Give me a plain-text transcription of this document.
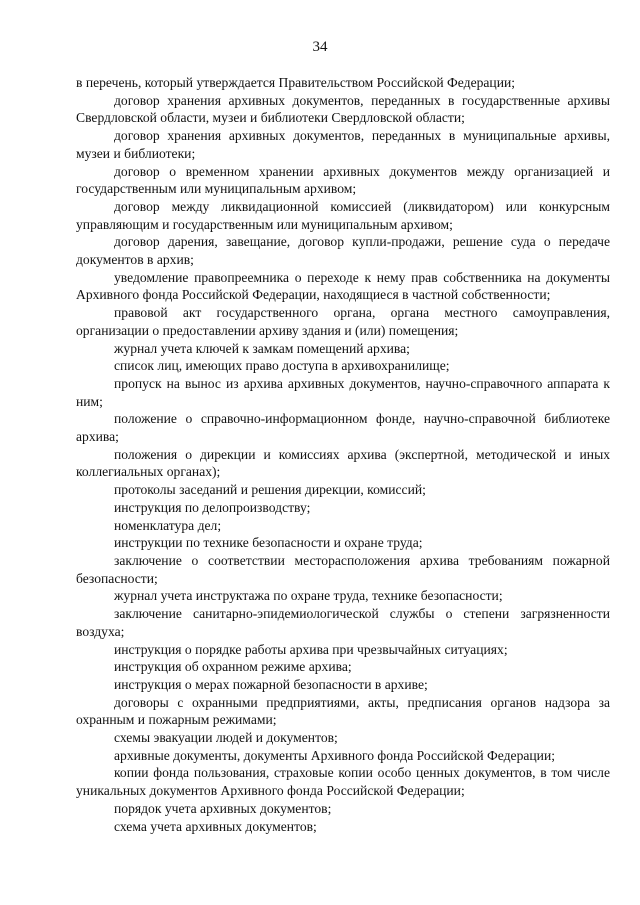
34

в перечень, который утверждается Правительством Российской Федерации;

договор хранения архивных документов, переданных в государственные архивы Свердловской области, музеи и библиотеки Свердловской области;

договор хранения архивных документов, переданных в муниципальные архивы, музеи и библиотеки;

договор о временном хранении архивных документов между организацией и государственным или муниципальным архивом;

договор между ликвидационной комиссией (ликвидатором) или конкурсным управляющим и государственным или муниципальным архивом;

договор дарения, завещание, договор купли-продажи, решение суда о передаче документов в архив;

уведомление правопреемника о переходе к нему прав собственника на документы Архивного фонда Российской Федерации, находящиеся в частной собственности;

правовой акт государственного органа, органа местного самоуправления, организации о предоставлении архиву здания и (или) помещения;

журнал учета ключей к замкам помещений архива;

список лиц, имеющих право доступа в архивохранилище;

пропуск на вынос из архива архивных документов, научно-справочного аппарата к ним;

положение о справочно-информационном фонде, научно-справочной библиотеке архива;

положения о дирекции и комиссиях архива (экспертной, методической и иных коллегиальных органах);

протоколы заседаний и решения дирекции, комиссий;

инструкция по делопроизводству;

номенклатура дел;

инструкции по технике безопасности и охране труда;

заключение о соответствии месторасположения архива требованиям пожарной безопасности;

журнал учета инструктажа по охране труда, технике безопасности;

заключение санитарно-эпидемиологической службы о степени загрязненности воздуха;

инструкция о порядке работы архива при чрезвычайных ситуациях;

инструкция об охранном режиме архива;

инструкция о мерах пожарной безопасности в архиве;

договоры с охранными предприятиями, акты, предписания органов надзора за охранным и пожарным режимами;

схемы эвакуации людей и документов;

архивные документы, документы Архивного фонда Российской Федерации;

копии фонда пользования, страховые копии особо ценных документов, в том числе уникальных документов Архивного фонда Российской Федерации;

порядок учета архивных документов;

схема учета архивных документов;
